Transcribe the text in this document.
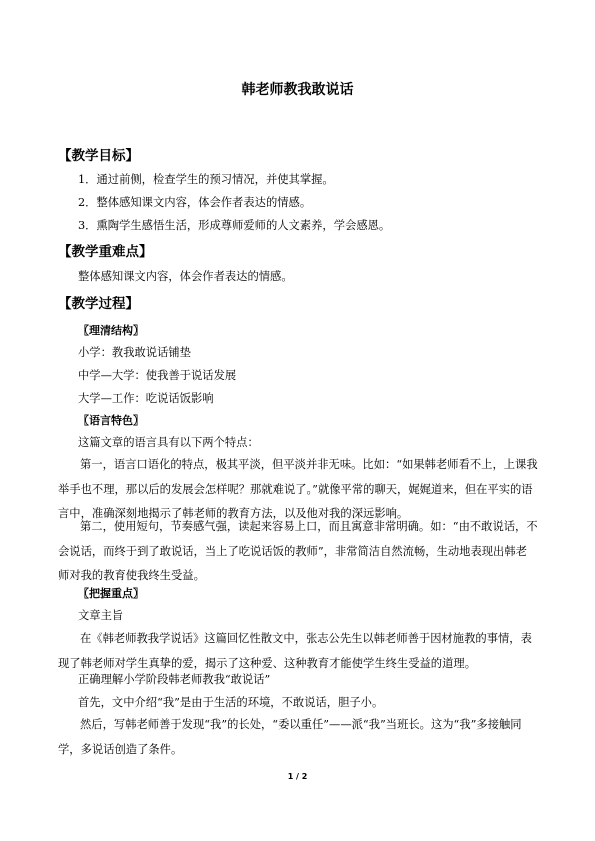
韩老师教我敢说话
【教学目标】
1．通过前侧，检查学生的预习情况，并使其掌握。
2．整体感知课文内容，体会作者表达的情感。
3．熏陶学生感悟生活，形成尊师爱师的人文素养，学会感恩。
【教学重难点】
整体感知课文内容，体会作者表达的情感。
【教学过程】
〖理清结构〗
小学：教我敢说话铺垫
中学—大学：使我善于说话发展
大学—工作：吃说话饭影响
〖语言特色〗
这篇文章的语言具有以下两个特点：
第一，语言口语化的特点，极其平淡，但平淡并非无味。比如：“如果韩老师看不上，上课我举手也不理，那以后的发展会怎样呢？那就难说了。”就像平常的聊天，娓娓道来，但在平实的语言中，准确深刻地揭示了韩老师的教育方法，以及他对我的深远影响。
第二，使用短句，节奏感气强，读起来容易上口，而且寓意非常明确。如：“由不敢说话，不会说话，而终于到了敢说话，当上了吃说话饭的教师”，非常简洁自然流畅，生动地表现出韩老师对我的教育使我终生受益。
〖把握重点〗
文章主旨
在《韩老师教我学说话》这篇回忆性散文中，张志公先生以韩老师善于因材施教的事情，表现了韩老师对学生真挚的爱，揭示了这种爱、这种教育才能使学生终生受益的道理。
正确理解小学阶段韩老师教我“敢说话”
首先，文中介绍“我”是由于生活的环境，不敢说话，胆子小。
然后，写韩老师善于发现“我”的长处，“委以重任”——派“我”当班长。这为“我”多接触同学，多说话创造了条件。
1 / 2
